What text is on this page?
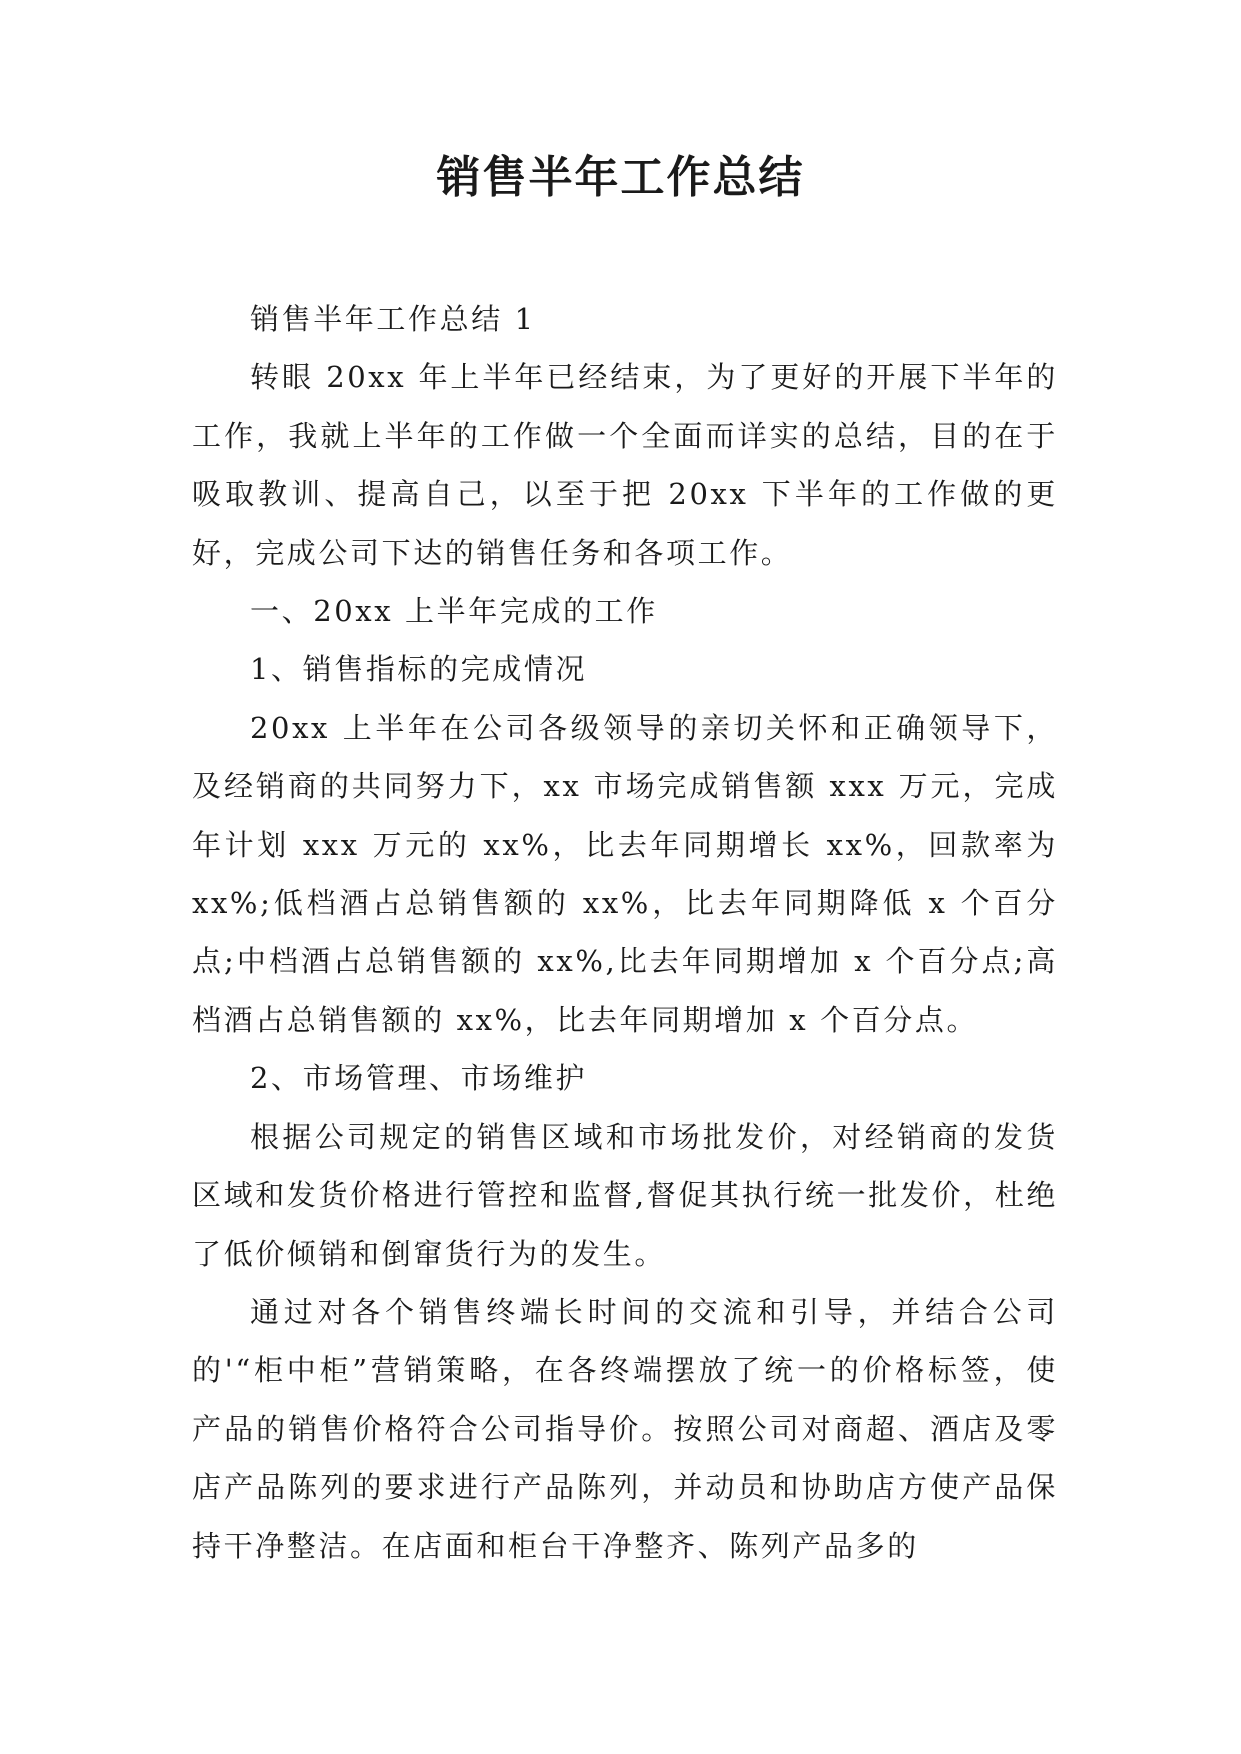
销售半年工作总结

销售半年工作总结 1

转眼 20xx 年上半年已经结束，为了更好的开展下半年的工作，我就上半年的工作做一个全面而详实的总结，目的在于吸取教训、提高自己，以至于把 20xx 下半年的工作做的更好，完成公司下达的销售任务和各项工作。

一、20xx 上半年完成的工作

1、销售指标的完成情况

20xx 上半年在公司各级领导的亲切关怀和正确领导下，及经销商的共同努力下，xx 市场完成销售额 xxx 万元，完成年计划 xxx 万元的 xx%，比去年同期增长 xx%，回款率为 xx%;低档酒占总销售额的 xx%，比去年同期降低 x 个百分点;中档酒占总销售额的 xx%,比去年同期增加 x 个百分点;高档酒占总销售额的 xx%，比去年同期增加 x 个百分点。

2、市场管理、市场维护

根据公司规定的销售区域和市场批发价，对经销商的发货区域和发货价格进行管控和监督,督促其执行统一批发价，杜绝了低价倾销和倒窜货行为的发生。

通过对各个销售终端长时间的交流和引导，并结合公司的'“柜中柜”营销策略，在各终端摆放了统一的价格标签，使产品的销售价格符合公司指导价。按照公司对商超、酒店及零店产品陈列的要求进行产品陈列，并动员和协助店方使产品保持干净整洁。在店面和柜台干净整齐、陈列产品多的
